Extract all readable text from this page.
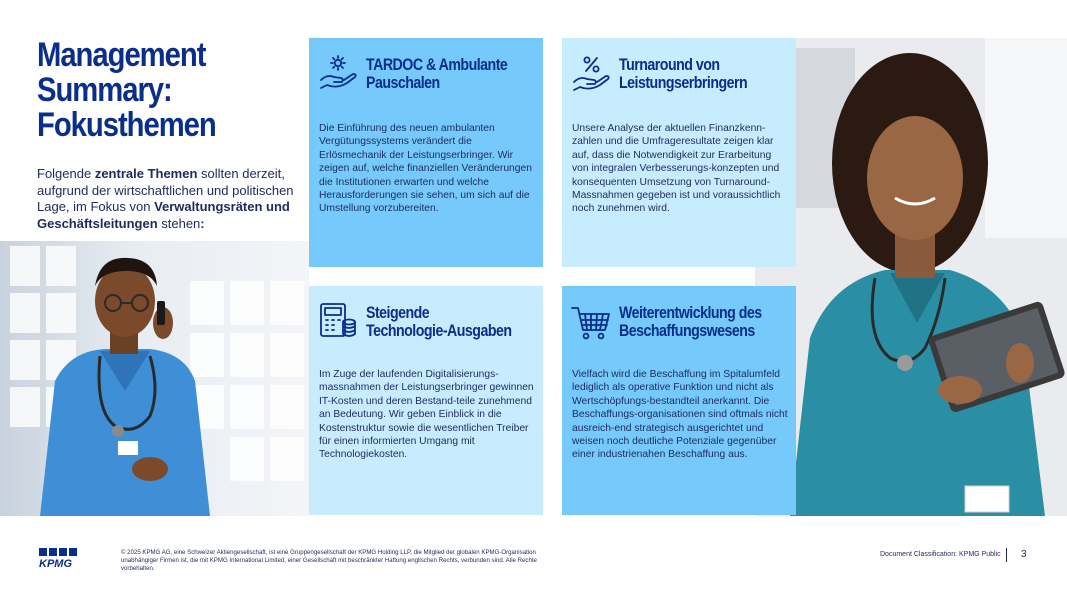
Management
Summary:
Fokusthemen

Folgende zentrale Themen sollten derzeit, aufgrund der wirtschaftlichen und politischen Lage, im Fokus von Verwaltungsräten und Geschäftsleitungen stehen:

TARDOC & Ambulante
Pauschalen

Die Einführung des neuen ambulanten Vergütungssystems verändert die Erlösmechanik der Leistungserbringer. Wir zeigen auf, welche finanziellen Veränderungen die Institutionen erwarten und welche Herausforderungen sie sehen, um sich auf die Umstellung vorzubereiten.

Turnaround von
Leistungserbringern

Unsere Analyse der aktuellen Finanzkenn-zahlen und die Umfrageresultate zeigen klar auf, dass die Notwendigkeit zur Erarbeitung von integralen Verbesserungs-konzepten und konsequenten Umsetzung von Turnaround-Massnahmen gegeben ist und voraussichtlich noch zunehmen wird.

Steigende
Technologie-Ausgaben

Im Zuge der laufenden Digitalisierungs-massnahmen der Leistungserbringer gewinnen IT-Kosten und deren Bestand-teile zunehmend an Bedeutung. Wir geben Einblick in die Kostenstruktur sowie die wesentlichen Treiber für einen informierten Umgang mit Technologiekosten.

Weiterentwicklung des
Beschaffungswesens

Vielfach wird die Beschaffung im Spitalumfeld lediglich als operative Funktion und nicht als Wertschöpfungs-bestandteil anerkannt. Die Beschaffungs-organisationen sind oftmals nicht ausreich-end strategisch ausgerichtet und weisen noch deutliche Potenziale gegenüber einer industrienahen Beschaffung aus.

KPMG

© 2025 KPMG AG, eine Schweizer Aktiengesellschaft, ist eine Gruppengesellschaft der KPMG Holding LLP, die Mitglied der globalen KPMG-Organisation unabhängiger Firmen ist, die mit KPMG International Limited, einer Gesellschaft mit beschränkter Haftung englischen Rechts, verbunden sind. Alle Rechte vorbehalten.

Document Classification: KPMG Public 3
